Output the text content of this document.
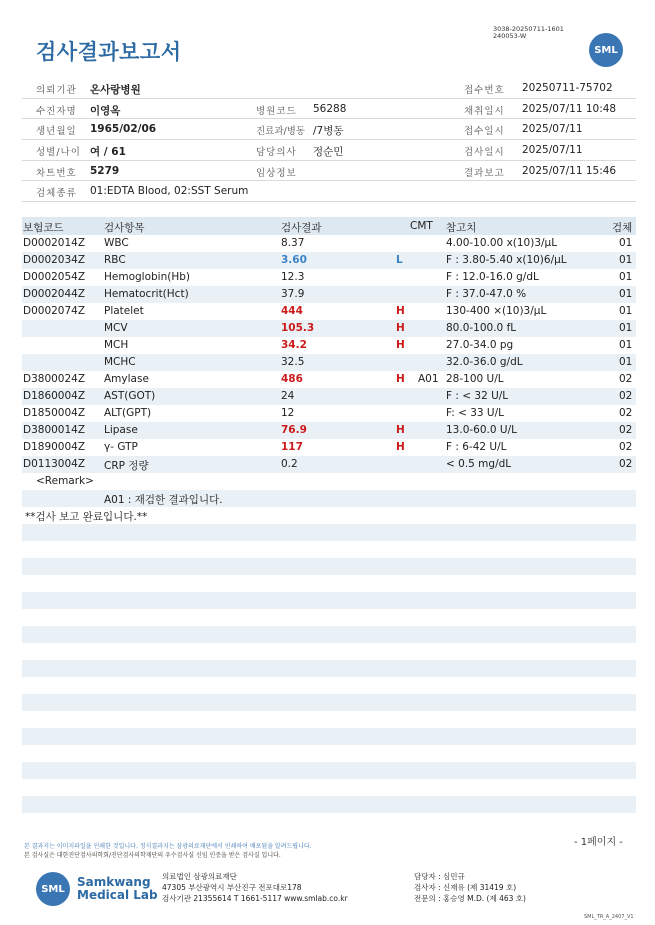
검사결과보고서
3038-20250711-1601
240053-W
SML
의뢰기관 온사랑병원	접수번호 20250711-75702
수진자명 이영옥	병원코드 56288	채취일시 2025/07/11 10:48
생년월일 1965/02/06	진료과/병동 /7병동	접수일시 2025/07/11
성별/나이 여 / 61	담당의사 정순민	검사일시 2025/07/11
차트번호 5279	임상정보	결과보고 2025/07/11 15:46
검체종류 01:EDTA Blood, 02:SST Serum
보험코드	검사항목	검사결과	CMT 참고치	검체
D0002014Z WBC	8.37	4.00-10.00 x(10)3/μL	01
D0002034Z RBC	3.60	L	F : 3.80-5.40 x(10)6/μL	01
D0002054Z Hemoglobin(Hb)	12.3	F : 12.0-16.0 g/dL	01
D0002044Z Hematocrit(Hct)	37.9	F : 37.0-47.0 %	01
D0002074Z Platelet	444	H	130-400 ×(10)3/μL	01
MCV	105.3	H	80.0-100.0 fL	01
MCH	34.2	H	27.0-34.0 pg	01
MCHC	32.5	32.0-36.0 g/dL	01
D3800024Z Amylase	486	H A01 28-100 U/L	02
D1860004Z AST(GOT)	24	F : < 32 U/L	02
D1850004Z ALT(GPT)	12	F: < 33 U/L	02
D3800014Z Lipase	76.9	H	13.0-60.0 U/L	02
D1890004Z γ- GTP	117	H	F : 6-42 U/L	02
D0113004Z CRP 정량	0.2	< 0.5 mg/dL	02
<Remark>
A01 : 재검한 결과입니다.
**검사 보고 완료입니다.**
- 1페이지 -
본 결과지는 이미지파일을 인쇄한 것입니다. 정식결과지는 삼광의료재단에서 인쇄하여 배포됨을 알려드립니다.
본 검사실은 대한진단검사의학회/진단검사의학재단의 우수검사실 신임 인증을 받은 검사실 입니다.
SML	Samkwang
Medical Lab
의료법인 삼광의료재단
47305 부산광역시 부산진구 전포대로178
검사기관 21355614 T 1661-5117 www.smlab.co.kr
담당자 : 심민규
검사자 : 신재유 (제 31419 호)
전문의 : 홍승영 M.D. (제 463 호)
SML_TR_A_2407_V1
